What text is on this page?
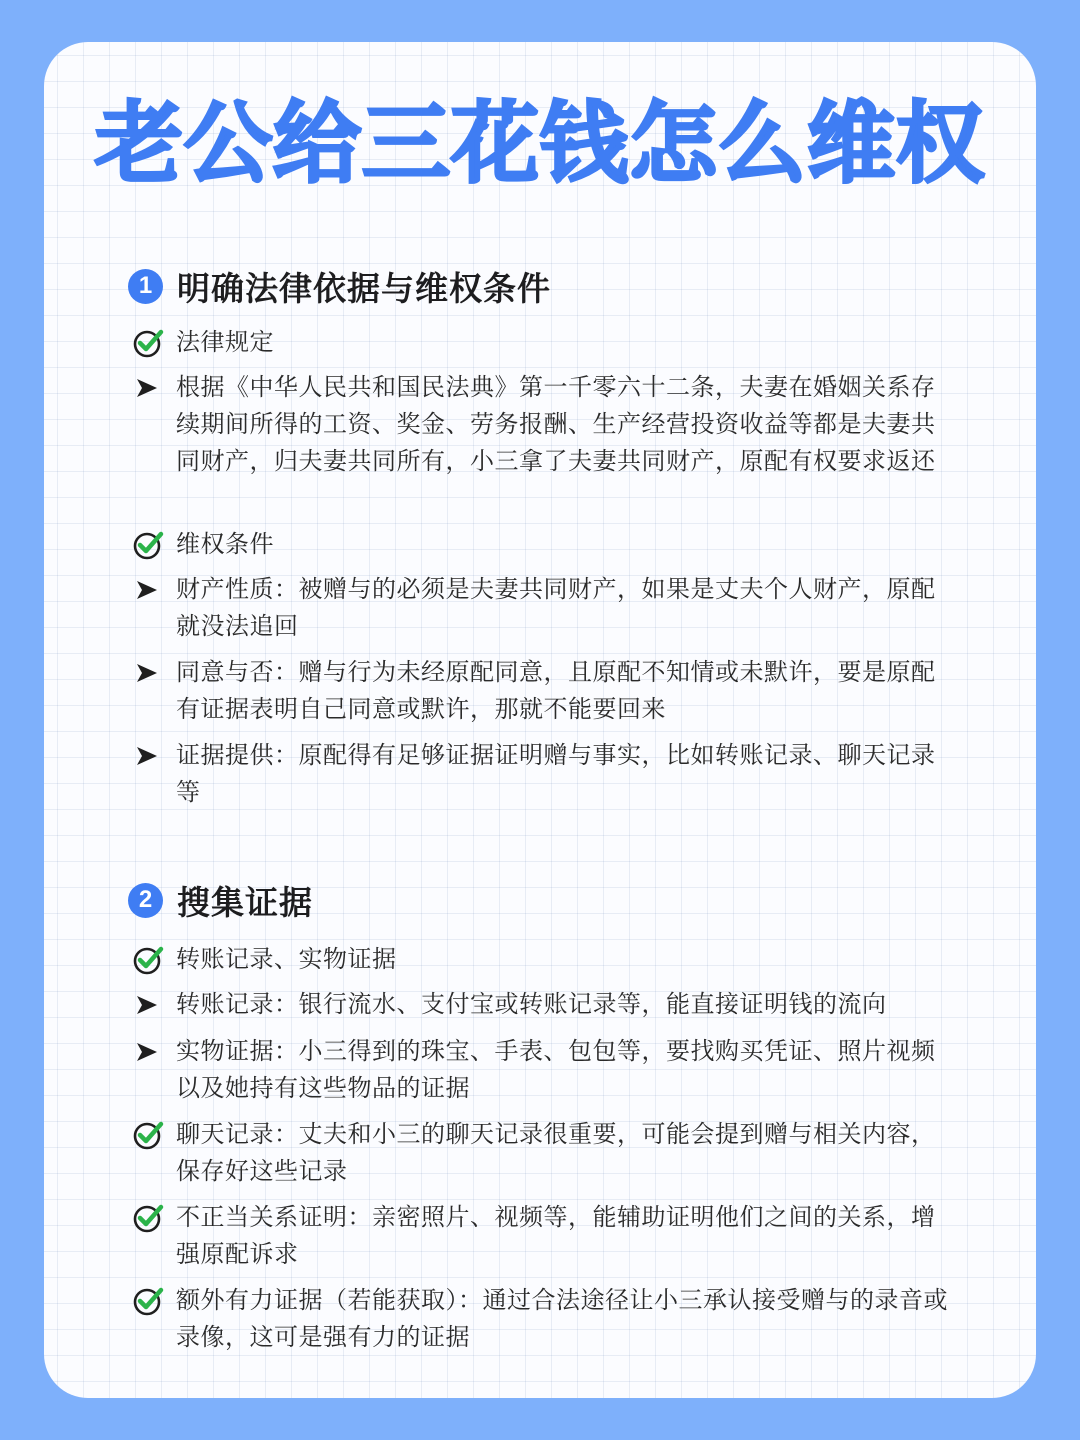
老公给三花钱怎么维权
1 明确法律依据与维权条件
法律规定
根据《中华人民共和国民法典》第一千零六十二条，夫妻在婚姻关系存续期间所得的工资、奖金、劳务报酬、生产经营投资收益等都是夫妻共同财产，归夫妻共同所有，小三拿了夫妻共同财产，原配有权要求返还
维权条件
财产性质：被赠与的必须是夫妻共同财产，如果是丈夫个人财产，原配就没法追回
同意与否：赠与行为未经原配同意，且原配不知情或未默许，要是原配有证据表明自己同意或默许，那就不能要回来
证据提供：原配得有足够证据证明赠与事实，比如转账记录、聊天记录等
2 搜集证据
转账记录、实物证据
转账记录：银行流水、支付宝或转账记录等，能直接证明钱的流向
实物证据：小三得到的珠宝、手表、包包等，要找购买凭证、照片视频以及她持有这些物品的证据
聊天记录：丈夫和小三的聊天记录很重要，可能会提到赠与相关内容，保存好这些记录
不正当关系证明：亲密照片、视频等，能辅助证明他们之间的关系，增强原配诉求
额外有力证据（若能获取）：通过合法途径让小三承认接受赠与的录音或录像，这可是强有力的证据
